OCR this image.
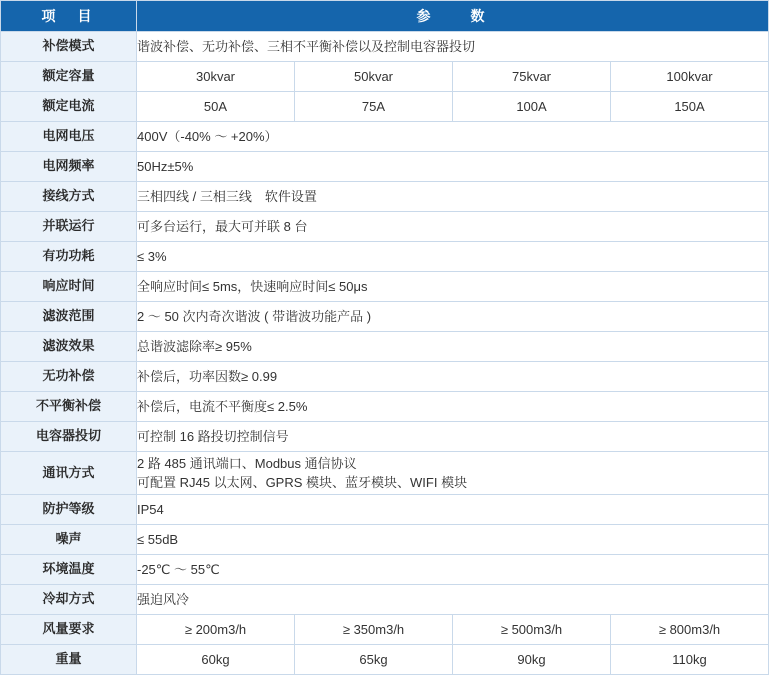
项　目	参　　数			
补偿模式	谐波补偿、无功补偿、三相不平衡补偿以及控制电容器投切			
额定容量	30kvar	50kvar	75kvar	100kvar
额定电流	50A	75A	100A	150A
电网电压	400V（-40% ～ +20%）			
电网频率	50Hz±5%			
接线方式	三相四线 / 三相三线　软件设置			
并联运行	可多台运行，最大可并联 8 台			
有功功耗	≤ 3%			
响应时间	全响应时间≤ 5ms，快速响应时间≤ 50μs			
滤波范围	2 ～ 50 次内奇次谐波 ( 带谐波功能产品 )			
滤波效果	总谐波滤除率≥ 95%			
无功补偿	补偿后，功率因数≥ 0.99			
不平衡补偿	补偿后，电流不平衡度≤ 2.5%			
电容器投切	可控制 16 路投切控制信号			
通讯方式	2 路 485 通讯端口、Modbus 通信协议
可配置 RJ45 以太网、GPRS 模块、蓝牙模块、WIFI 模块			

防护等级	IP54			
噪声	≤ 55dB			
环境温度	-25℃ ～ 55℃			
冷却方式	强迫风冷			
风量要求	≥ 200m3/h	≥ 350m3/h	≥ 500m3/h	≥ 800m3/h
重量	60kg	65kg	90kg	110kg
